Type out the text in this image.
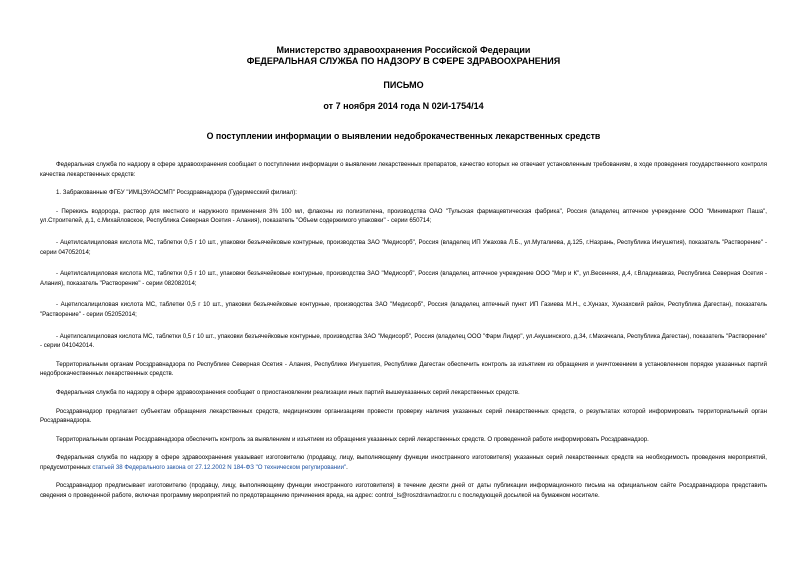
Министерство здравоохранения Российской Федерации
ФЕДЕРАЛЬНАЯ СЛУЖБА ПО НАДЗОРУ В СФЕРЕ ЗДРАВООХРАНЕНИЯ
ПИСЬМО
от 7 ноября 2014 года N 02И-1754/14
О поступлении информации о выявлении недоброкачественных лекарственных средств

Федеральная служба по надзору в сфере здравоохранения сообщает о поступлении информации о выявлении лекарственных препаратов, качество которых не отвечает установленным требованиям, в ходе проведения государственного контроля качества лекарственных средств:

1. Забракованные ФГБУ "ИМЦЭУАОСМП" Росздравнадзора (Гудермесский филиал):

- Перекись водорода, раствор для местного и наружного применения 3% 100 мл, флаконы из полиэтилена, производства ОАО "Тульская фармацевтическая фабрика", Россия (владелец аптечное учреждение ООО "Минимаркет Паша", ул.Строителей, д.1, с.Михайловское, Республика Северная Осетия - Алания), показатель "Объем содержимого упаковки" - серии 650714;

- Ацетилсалициловая кислота МС, таблетки 0,5 г 10 шт., упаковки безъячейковые контурные, производства ЗАО "Медисорб", Россия (владелец ИП Ужахова Л.Б., ул.Муталиева, д.125, г.Назрань, Республика Ингушетия), показатель "Растворение" - серии 047052014;

- Ацетилсалициловая кислота МС, таблетки 0,5 г 10 шт., упаковки безъячейковые контурные, производства ЗАО "Медисорб", Россия (владелец аптечное учреждение ООО "Мир и К", ул.Весенняя, д.4, г.Владикавказ, Республика Северная Осетия - Алания), показатель "Растворение" - серии 082082014;

- Ацетилсалициловая кислота МС, таблетки 0,5 г 10 шт., упаковки безъячейковые контурные, производства ЗАО "Медисорб", Россия (владелец аптечный пункт ИП Газиева М.Н., с.Хунзах, Хунзахский район, Республика Дагестан), показатель "Растворение" - серии 052052014;

- Ацетилсалициловая кислота МС, таблетки 0,5 г 10 шт., упаковки безъячейковые контурные, производства ЗАО "Медисорб", Россия (владелец ООО "Фарм Лидер", ул.Акушинского, д.34, г.Махачкала, Республика Дагестан), показатель "Растворение" - серии 041042014.

Территориальным органам Росздравнадзора по Республике Северная Осетия - Алания, Республике Ингушетия, Республике Дагестан обеспечить контроль за изъятием из обращения и уничтожением в установленном порядке указанных партий недоброкачественных лекарственных средств.

Федеральная служба по надзору в сфере здравоохранения сообщает о приостановлении реализации иных партий вышеуказанных серий лекарственных средств.

Росздравнадзор предлагает субъектам обращения лекарственных средств, медицинским организациям провести проверку наличия указанных серий лекарственных средств, о результатах которой информировать территориальный орган Росздравнадзора.

Территориальным органам Росздравнадзора обеспечить контроль за выявлением и изъятием из обращения указанных серий лекарственных средств. О проведенной работе информировать Росздравнадзор.

Федеральная служба по надзору в сфере здравоохранения указывает изготовителю (продавцу, лицу, выполняющему функции иностранного изготовителя) указанных серий лекарственных средств на необходимость проведения мероприятий, предусмотренных статьей 38 Федерального закона от 27.12.2002 N 184-ФЗ "О техническом регулировании".

Росздравнадзор предписывает изготовителю (продавцу, лицу, выполняющему функции иностранного изготовителя) в течение десяти дней от даты публикации информационного письма на официальном сайте Росздравнадзора представить сведения о проведенной работе, включая программу мероприятий по предотвращению причинения вреда, на адрес: control_ls@roszdravnadzor.ru с последующей досылкой на бумажном носителе.
